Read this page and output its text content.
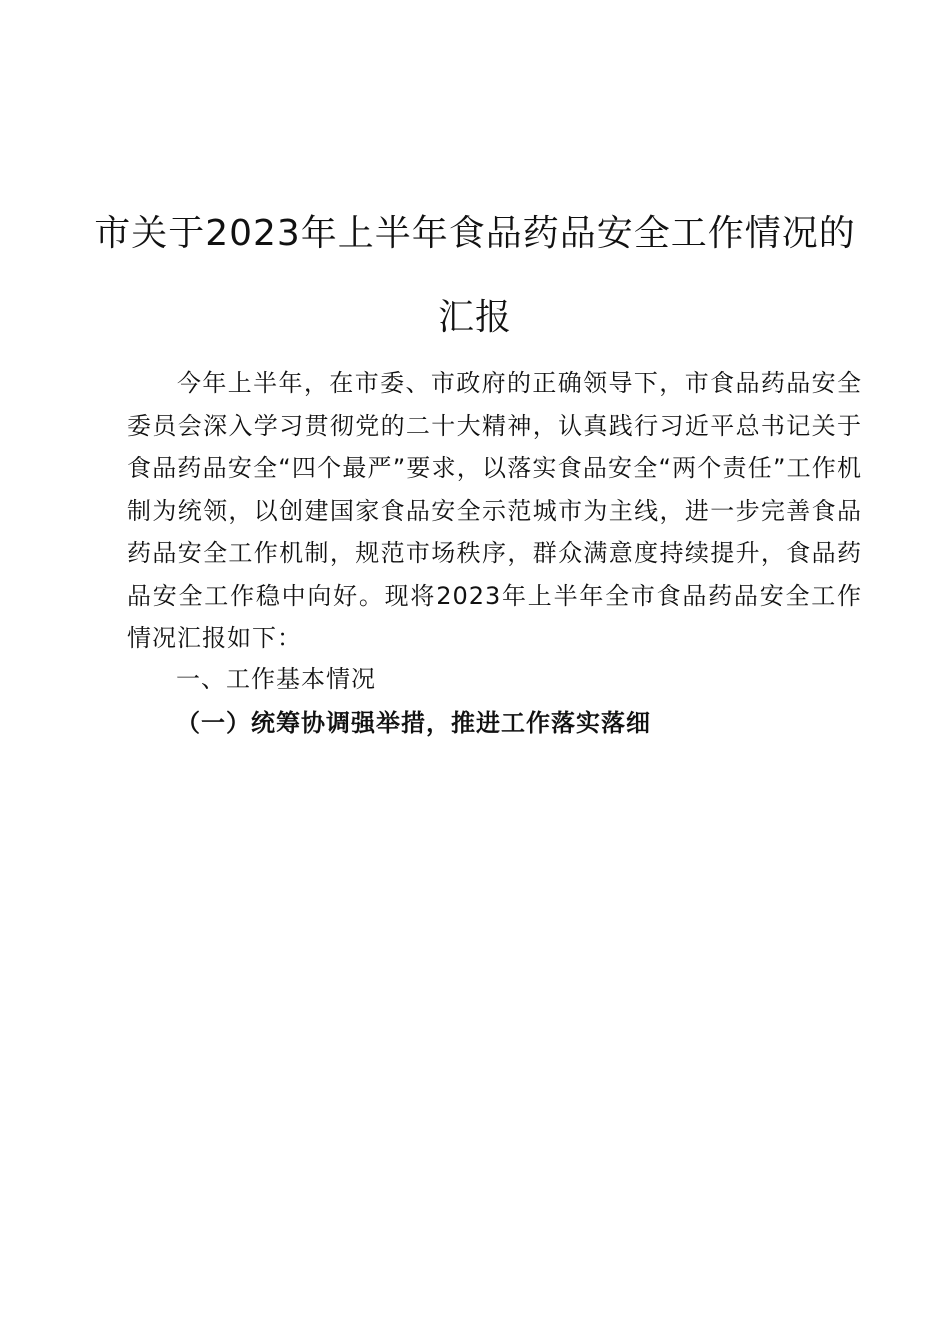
市关于2023年上半年食品药品安全工作情况的
汇报

今年上半年，在市委、市政府的正确领导下，市食品药品安全委员会深入学习贯彻党的二十大精神，认真践行习近平总书记关于食品药品安全“四个最严”要求，以落实食品安全“两个责任”工作机制为统领，以创建国家食品安全示范城市为主线，进一步完善食品药品安全工作机制，规范市场秩序，群众满意度持续提升，食品药品安全工作稳中向好。现将2023年上半年全市食品药品安全工作情况汇报如下：

一、工作基本情况

（一）统筹协调强举措，推进工作落实落细
